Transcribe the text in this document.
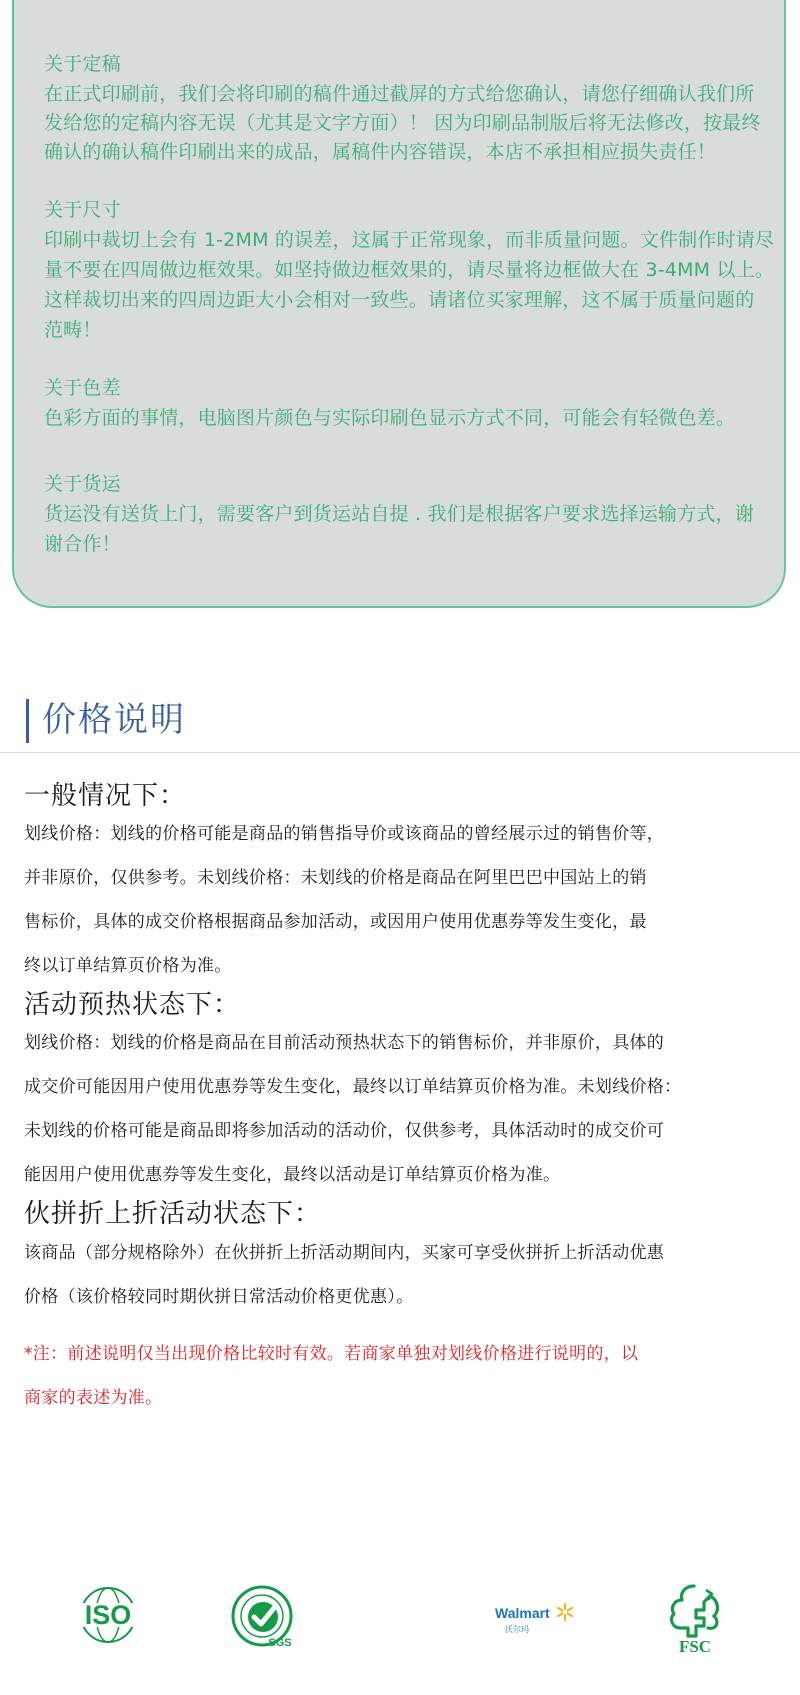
关于定稿
在正式印刷前，我们会将印刷的稿件通过截屏的方式给您确认，请您仔细确认我们所
发给您的定稿内容无误（尤其是文字方面）！ 因为印刷品制版后将无法修改，按最终
确认的确认稿件印刷出来的成品，属稿件内容错误，本店不承担相应损失责任！
关于尺寸
印刷中裁切上会有 1-2MM 的误差，这属于正常现象，而非质量问题。文件制作时请尽
量不要在四周做边框效果。如坚持做边框效果的，请尽量将边框做大在 3-4MM 以上。
这样裁切出来的四周边距大小会相对一致些。请诸位买家理解，这不属于质量问题的
范畴！
关于色差
色彩方面的事情，电脑图片颜色与实际印刷色显示方式不同，可能会有轻微色差。
关于货运
货运没有送货上门，需要客户到货运站自提 . 我们是根据客户要求选择运输方式，谢
谢合作！
价格说明
一般情况下：
划线价格：划线的价格可能是商品的销售指导价或该商品的曾经展示过的销售价等，
并非原价，仅供参考。未划线价格：未划线的价格是商品在阿里巴巴中国站上的销
售标价，具体的成交价格根据商品参加活动，或因用户使用优惠券等发生变化，最
终以订单结算页价格为准。
活动预热状态下：
划线价格：划线的价格是商品在目前活动预热状态下的销售标价，并非原价，具体的
成交价可能因用户使用优惠券等发生变化，最终以订单结算页价格为准。未划线价格：
未划线的价格可能是商品即将参加活动的活动价，仅供参考，具体活动时的成交价可
能因用户使用优惠券等发生变化，最终以活动是订单结算页价格为准。
伙拼折上折活动状态下：
该商品（部分规格除外）在伙拼折上折活动期间内，买家可享受伙拼折上折活动优惠
价格（该价格较同时期伙拼日常活动价格更优惠）。
*注：前述说明仅当出现价格比较时有效。若商家单独对划线价格进行说明的，以
商家的表述为准。
ISO
SGS
Walmart
沃尔玛
FSC
